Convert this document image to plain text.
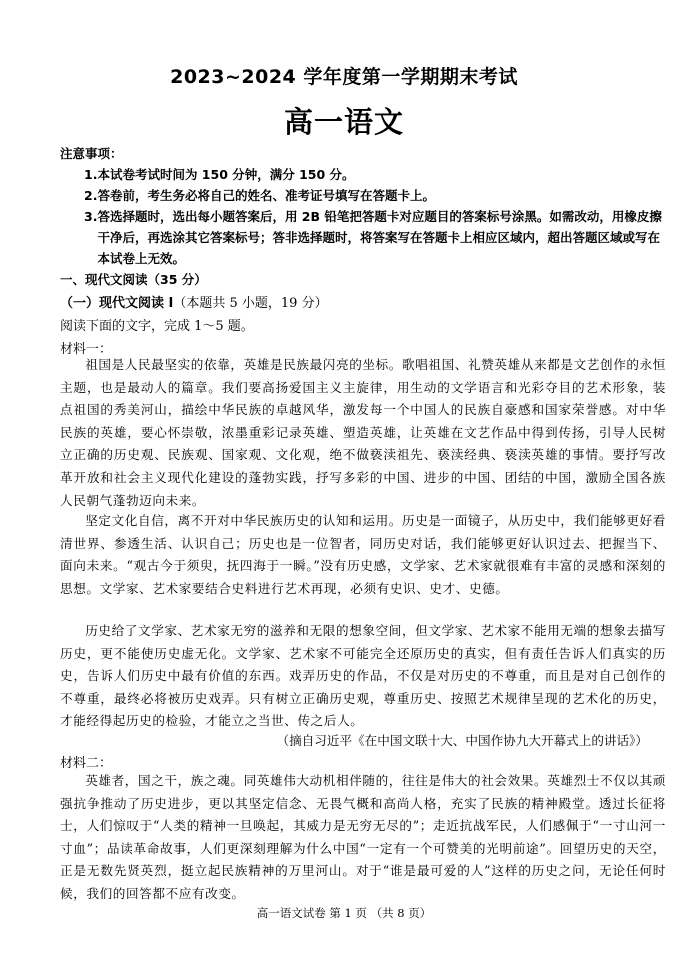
2023~2024 学年度第一学期期末考试
高一语文
注意事项：
1. 本试卷考试时间为 150 分钟，满分 150 分。
2. 答卷前，考生务必将自己的姓名、准考证号填写在答题卡上。
3. 答选择题时，选出每小题答案后，用 2B 铅笔把答题卡对应题目的答案标号涂黑。如需改动，用橡皮擦干净后，再选涂其它答案标号；答非选择题时，将答案写在答题卡上相应区域内，超出答题区域或写在本试卷上无效。
一、现代文阅读（35 分）
（一）现代文阅读 I（本题共 5 小题，19 分）
阅读下面的文字，完成 1～5 题。
材料一：

祖国是人民最坚实的依靠，英雄是民族最闪亮的坐标。歌唱祖国、礼赞英雄从来都是文艺创作的永恒主题，也是最动人的篇章。我们要高扬爱国主义主旋律，用生动的文学语言和光彩夺目的艺术形象，装点祖国的秀美河山，描绘中华民族的卓越风华，激发每一个中国人的民族自豪感和国家荣誉感。对中华民族的英雄，要心怀崇敬，浓墨重彩记录英雄、塑造英雄，让英雄在文艺作品中得到传扬，引导人民树立正确的历史观、民族观、国家观、文化观，绝不做亵渎祖先、亵渎经典、亵渎英雄的事情。要抒写改革开放和社会主义现代化建设的蓬勃实践，抒写多彩的中国、进步的中国、团结的中国，激励全国各族人民朝气蓬勃迈向未来。

坚定文化自信，离不开对中华民族历史的认知和运用。历史是一面镜子，从历史中，我们能够更好看清世界、参透生活、认识自己；历史也是一位智者，同历史对话，我们能够更好认识过去、把握当下、面向未来。“观古今于须臾，抚四海于一瞬。”没有历史感，文学家、艺术家就很难有丰富的灵感和深刻的思想。文学家、艺术家要结合史料进行艺术再现，必须有史识、史才、史德。

历史给了文学家、艺术家无穷的滋养和无限的想象空间，但文学家、艺术家不能用无端的想象去描写历史，更不能使历史虚无化。文学家、艺术家不可能完全还原历史的真实，但有责任告诉人们真实的历史，告诉人们历史中最有价值的东西。戏弄历史的作品，不仅是对历史的不尊重，而且是对自己创作的不尊重，最终必将被历史戏弄。只有树立正确历史观，尊重历史、按照艺术规律呈现的艺术化的历史，才能经得起历史的检验，才能立之当世、传之后人。

（摘自习近平《在中国文联十大、中国作协九大开幕式上的讲话》）
材料二：

英雄者，国之干，族之魂。同英雄伟大动机相伴随的，往往是伟大的社会效果。英雄烈士不仅以其顽强抗争推动了历史进步，更以其坚定信念、无畏气概和高尚人格，充实了民族的精神殿堂。透过长征将士，人们惊叹于“人类的精神一旦唤起，其威力是无穷无尽的”；走近抗战军民，人们感佩于“一寸山河一寸血”；品读革命故事，人们更深刻理解为什么中国“一定有一个可赞美的光明前途”。回望历史的天空，正是无数先贤英烈，挺立起民族精神的万里河山。对于“谁是最可爱的人”这样的历史之问，无论任何时候，我们的回答都不应有改变。

高一语文试卷 第 1 页 （共 8 页）
